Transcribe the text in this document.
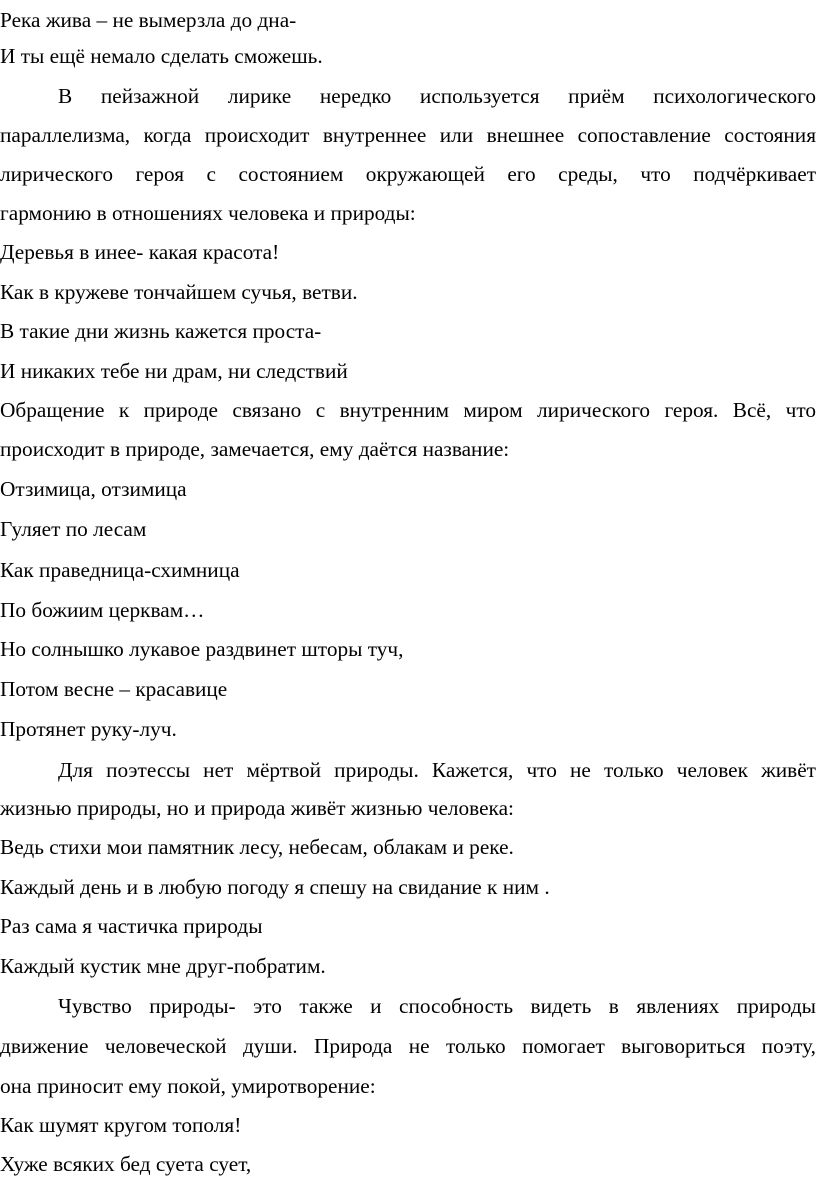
Река жива – не вымерзла до дна-
И ты ещё немало сделать сможешь.
В пейзажной лирике нередко используется приём психологического
параллелизма, когда происходит внутреннее или внешнее сопоставление состояния
лирического героя с состоянием окружающей его среды, что подчёркивает
гармонию в отношениях человека и природы:
Деревья в инее- какая красота!
Как в кружеве тончайшем сучья, ветви.
В такие дни жизнь кажется проста-
И никаких тебе ни драм, ни следствий
Обращение к природе связано с внутренним миром лирического героя. Всё, что
происходит в природе, замечается, ему даётся название:
Отзимица, отзимица
Гуляет по лесам
Как праведница-схимница
По божиим церквам…
Но солнышко лукавое раздвинет шторы туч,
Потом весне – красавице
Протянет руку-луч.
Для поэтессы нет мёртвой природы. Кажется, что не только человек живёт
жизнью природы, но и природа живёт жизнью человека:
Ведь стихи мои памятник лесу, небесам, облакам и реке.
Каждый день и в любую погоду я спешу на свидание к ним .
Раз сама я частичка природы
Каждый кустик мне друг-побратим.
Чувство природы- это также и способность видеть в явлениях природы
движение человеческой души. Природа не только помогает выговориться поэту,
она приносит ему покой, умиротворение:
Как шумят кругом тополя!
Хуже всяких бед суета сует,
